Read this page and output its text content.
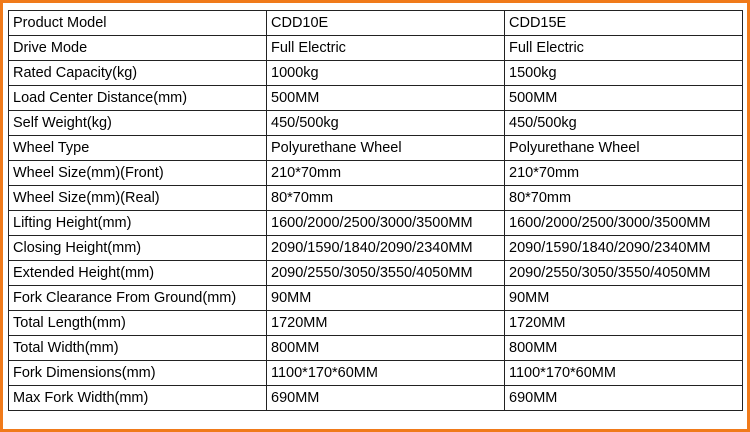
Product Model	CDD10E	CDD15E
Drive Mode	Full Electric	Full Electric
Rated Capacity(kg)	1000kg	1500kg
Load Center Distance(mm)	500MM	500MM
Self Weight(kg)	450/500kg	450/500kg
Wheel Type	Polyurethane Wheel	Polyurethane Wheel
Wheel Size(mm)(Front)	210*70mm	210*70mm
Wheel Size(mm)(Real)	80*70mm	80*70mm
Lifting Height(mm)	1600/2000/2500/3000/3500MM	1600/2000/2500/3000/3500MM
Closing Height(mm)	2090/1590/1840/2090/2340MM	2090/1590/1840/2090/2340MM
Extended Height(mm)	2090/2550/3050/3550/4050MM	2090/2550/3050/3550/4050MM
Fork Clearance From Ground(mm)	90MM	90MM
Total Length(mm)	1720MM	1720MM
Total Width(mm)	800MM	800MM
Fork Dimensions(mm)	1100*170*60MM	1100*170*60MM
Max Fork Width(mm)	690MM	690MM
